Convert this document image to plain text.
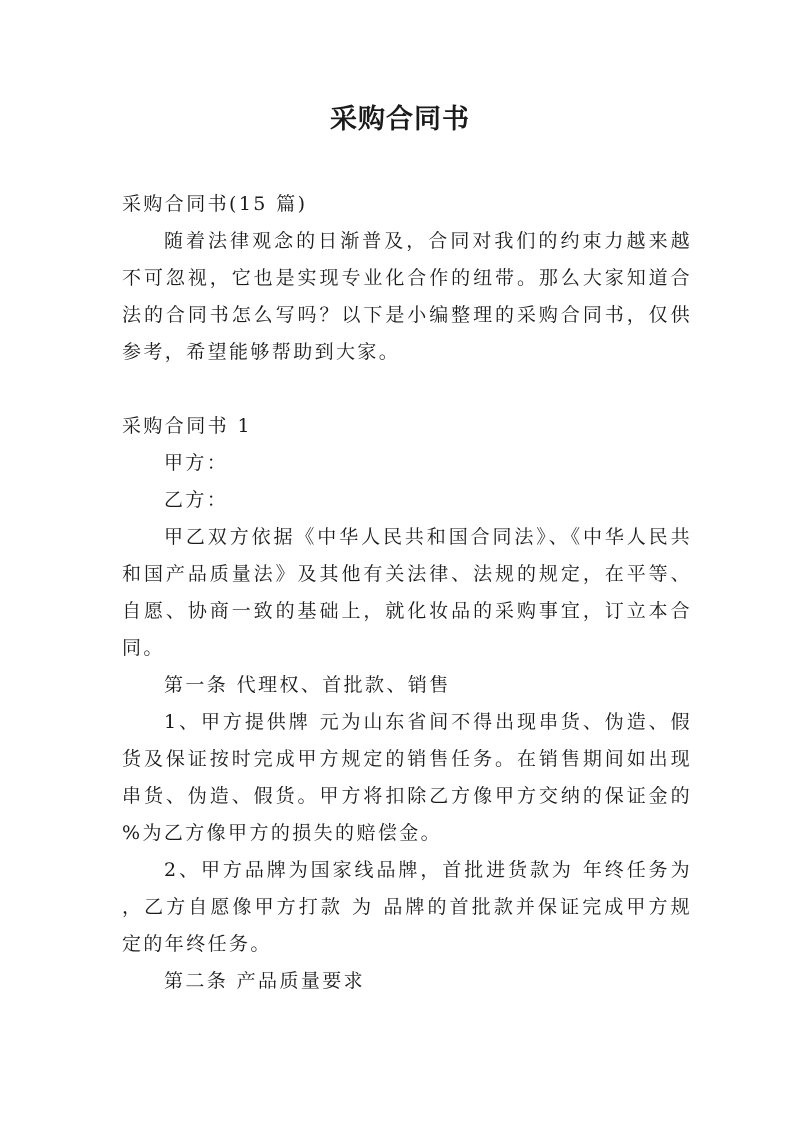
采购合同书

采购合同书(15 篇)

随着法律观念的日渐普及，合同对我们的约束力越来越不可忽视，它也是实现专业化合作的纽带。那么大家知道合法的合同书怎么写吗？以下是小编整理的采购合同书，仅供参考，希望能够帮助到大家。

采购合同书 1

甲方：

乙方：

甲乙双方依据《中华人民共和国合同法》、《中华人民共和国产品质量法》及其他有关法律、法规的规定，在平等、自愿、协商一致的基础上，就化妆品的采购事宜，订立本合同。

第一条 代理权、首批款、销售

1、甲方提供牌 元为山东省间不得出现串货、伪造、假货及保证按时完成甲方规定的销售任务。在销售期间如出现串货、伪造、假货。甲方将扣除乙方像甲方交纳的保证金的 %为乙方像甲方的损失的赔偿金。

2、甲方品牌为国家线品牌，首批进货款为 年终任务为 ，乙方自愿像甲方打款 为 品牌的首批款并保证完成甲方规定的年终任务。

第二条 产品质量要求
